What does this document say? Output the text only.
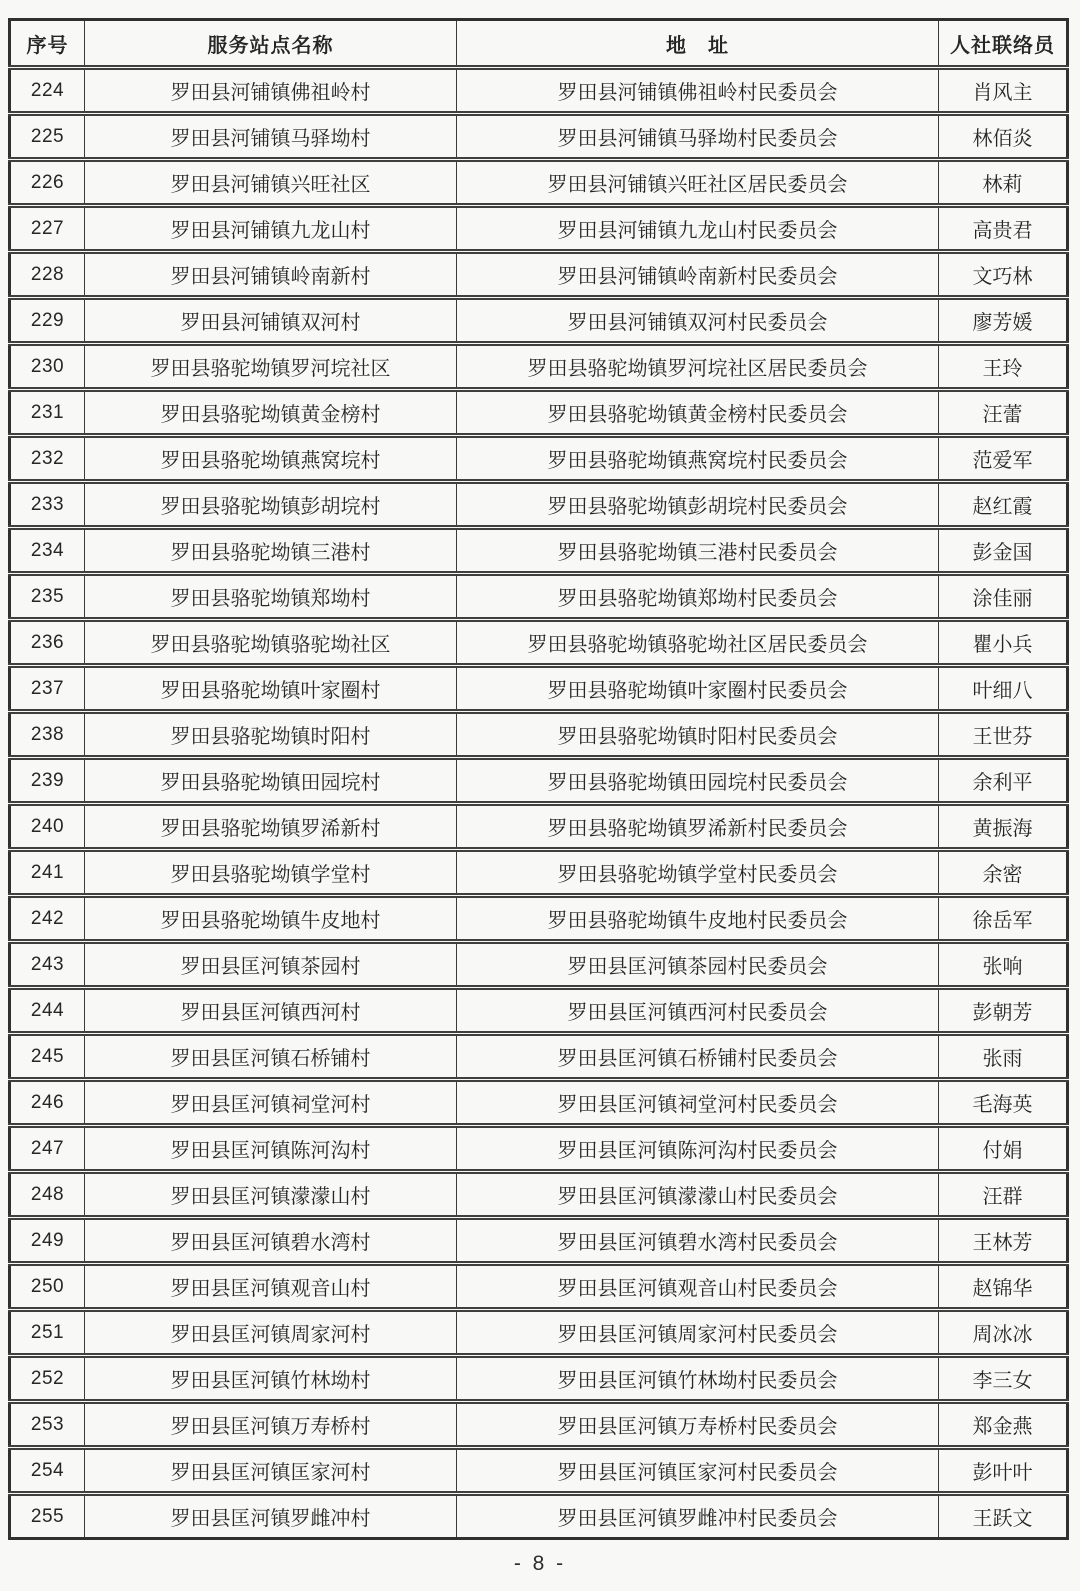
序号	服务站点名称	地　址	人社联络员
224	罗田县河铺镇佛祖岭村	罗田县河铺镇佛祖岭村民委员会	肖风主
225	罗田县河铺镇马驿坳村	罗田县河铺镇马驿坳村民委员会	林佰炎
226	罗田县河铺镇兴旺社区	罗田县河铺镇兴旺社区居民委员会	林莉
227	罗田县河铺镇九龙山村	罗田县河铺镇九龙山村民委员会	高贵君
228	罗田县河铺镇岭南新村	罗田县河铺镇岭南新村民委员会	文巧林
229	罗田县河铺镇双河村	罗田县河铺镇双河村民委员会	廖芳媛
230	罗田县骆驼坳镇罗河垸社区	罗田县骆驼坳镇罗河垸社区居民委员会	王玲
231	罗田县骆驼坳镇黄金榜村	罗田县骆驼坳镇黄金榜村民委员会	汪蕾
232	罗田县骆驼坳镇燕窝垸村	罗田县骆驼坳镇燕窝垸村民委员会	范爱军
233	罗田县骆驼坳镇彭胡垸村	罗田县骆驼坳镇彭胡垸村民委员会	赵红霞
234	罗田县骆驼坳镇三港村	罗田县骆驼坳镇三港村民委员会	彭金国
235	罗田县骆驼坳镇郑坳村	罗田县骆驼坳镇郑坳村民委员会	涂佳丽
236	罗田县骆驼坳镇骆驼坳社区	罗田县骆驼坳镇骆驼坳社区居民委员会	瞿小兵
237	罗田县骆驼坳镇叶家圈村	罗田县骆驼坳镇叶家圈村民委员会	叶细八
238	罗田县骆驼坳镇时阳村	罗田县骆驼坳镇时阳村民委员会	王世芬
239	罗田县骆驼坳镇田园垸村	罗田县骆驼坳镇田园垸村民委员会	余利平
240	罗田县骆驼坳镇罗浠新村	罗田县骆驼坳镇罗浠新村民委员会	黄振海
241	罗田县骆驼坳镇学堂村	罗田县骆驼坳镇学堂村民委员会	余密
242	罗田县骆驼坳镇牛皮地村	罗田县骆驼坳镇牛皮地村民委员会	徐岳军
243	罗田县匡河镇茶园村	罗田县匡河镇茶园村民委员会	张响
244	罗田县匡河镇西河村	罗田县匡河镇西河村民委员会	彭朝芳
245	罗田县匡河镇石桥铺村	罗田县匡河镇石桥铺村民委员会	张雨
246	罗田县匡河镇祠堂河村	罗田县匡河镇祠堂河村民委员会	毛海英
247	罗田县匡河镇陈河沟村	罗田县匡河镇陈河沟村民委员会	付娟
248	罗田县匡河镇濛濛山村	罗田县匡河镇濛濛山村民委员会	汪群
249	罗田县匡河镇碧水湾村	罗田县匡河镇碧水湾村民委员会	王林芳
250	罗田县匡河镇观音山村	罗田县匡河镇观音山村民委员会	赵锦华
251	罗田县匡河镇周家河村	罗田县匡河镇周家河村民委员会	周冰冰
252	罗田县匡河镇竹林坳村	罗田县匡河镇竹林坳村民委员会	李三女
253	罗田县匡河镇万寿桥村	罗田县匡河镇万寿桥村民委员会	郑金燕
254	罗田县匡河镇匡家河村	罗田县匡河镇匡家河村民委员会	彭叶叶
255	罗田县匡河镇罗雌冲村	罗田县匡河镇罗雌冲村民委员会	王跃文
- 8 -
